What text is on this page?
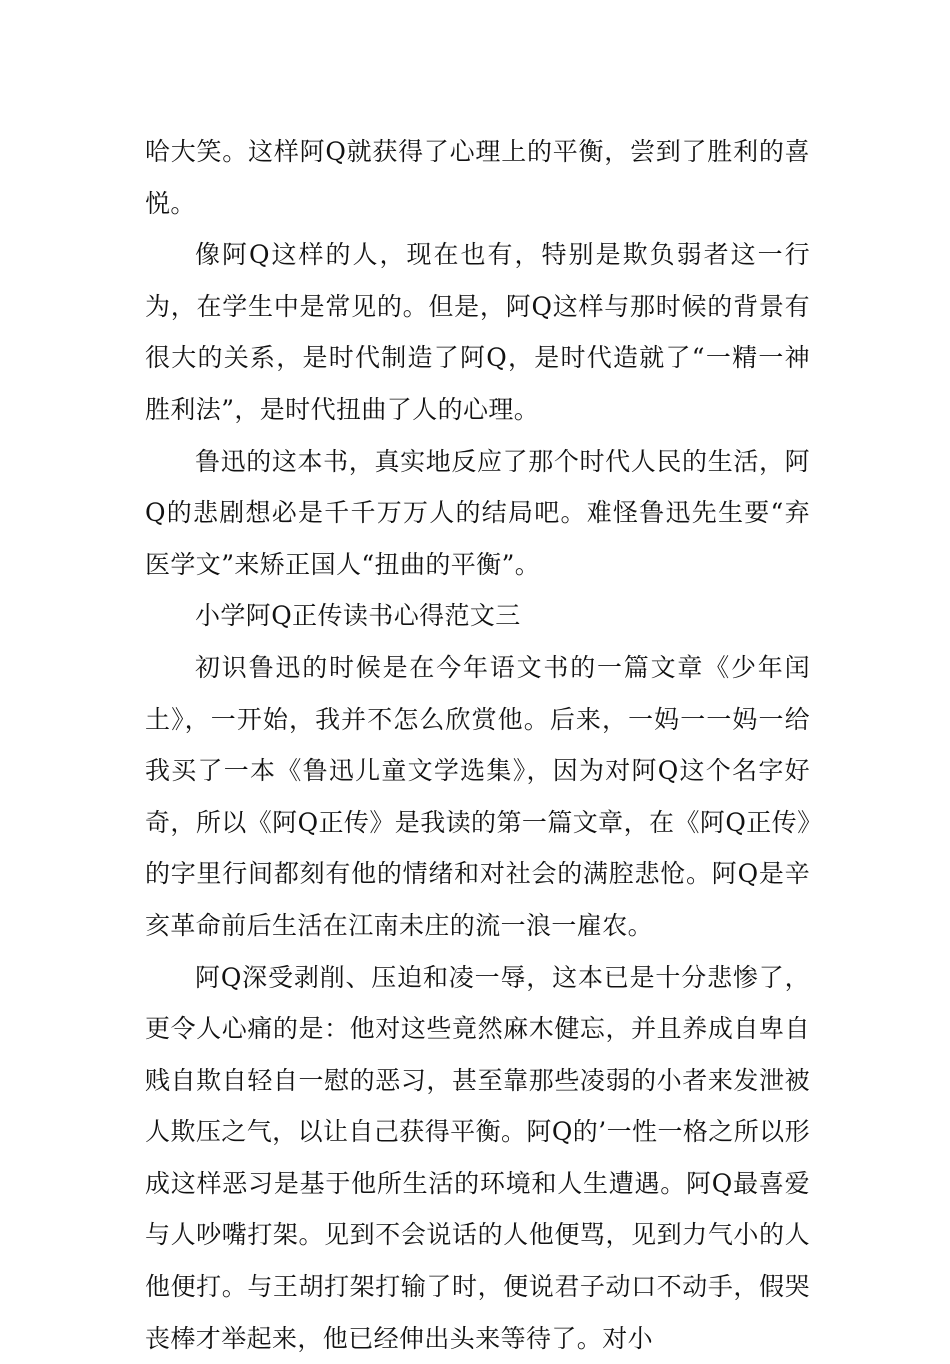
哈大笑。这样阿Q就获得了心理上的平衡，尝到了胜利的喜悦。

像阿Q这样的人，现在也有，特别是欺负弱者这一行为，在学生中是常见的。但是，阿Q这样与那时候的背景有很大的关系，是时代制造了阿Q，是时代造就了“一精一神胜利法”，是时代扭曲了人的心理。

鲁迅的这本书，真实地反应了那个时代人民的生活，阿Q的悲剧想必是千千万万人的结局吧。难怪鲁迅先生要“弃医学文”来矫正国人“扭曲的平衡”。

小学阿Q正传读书心得范文三

初识鲁迅的时候是在今年语文书的一篇文章《少年闰土》，一开始，我并不怎么欣赏他。后来，一妈一一妈一给我买了一本《鲁迅儿童文学选集》，因为对阿Q这个名字好奇，所以《阿Q正传》是我读的第一篇文章，在《阿Q正传》的字里行间都刻有他的情绪和对社会的满腔悲怆。阿Q是辛亥革命前后生活在江南未庄的流一浪一雇农。

阿Q深受剥削、压迫和凌一辱，这本已是十分悲惨了，更令人心痛的是：他对这些竟然麻木健忘，并且养成自卑自贱自欺自轻自一慰的恶习，甚至靠那些凌弱的小者来发泄被人欺压之气，以让自己获得平衡。阿Q的’一性一格之所以形成这样恶习是基于他所生活的环境和人生遭遇。阿Q最喜爱与人吵嘴打架。见到不会说话的人他便骂，见到力气小的人他便打。与王胡打架打输了时，便说君子动口不动手，假哭丧棒才举起来，他已经伸出头来等待了。对小
